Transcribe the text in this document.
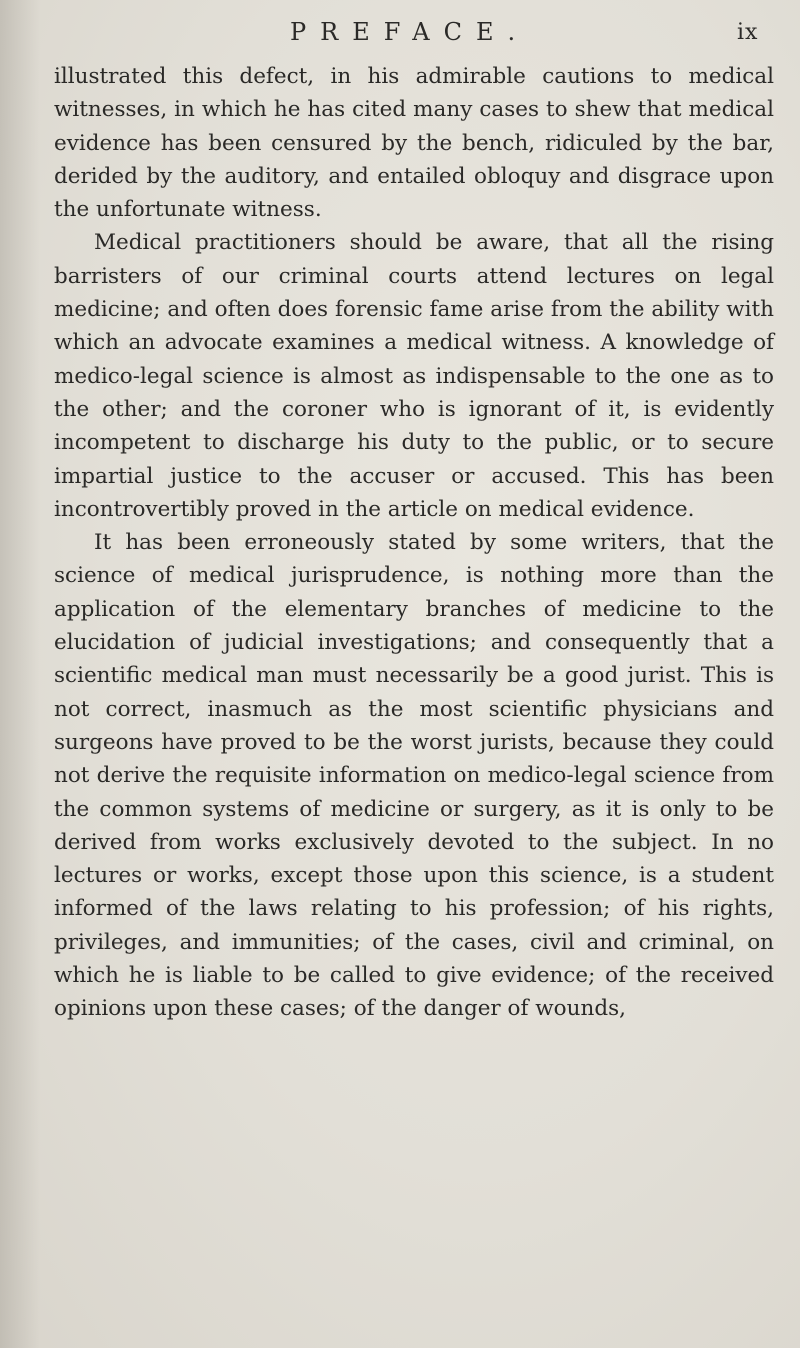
PREFACE.	ix

illustrated this defect, in his admirable cautions to medical witnesses, in which he has cited many cases to shew that medical evidence has been censured by the bench, ridiculed by the bar, derided by the auditory, and entailed obloquy and disgrace upon the unfortunate witness.

Medical practitioners should be aware, that all the rising barristers of our criminal courts attend lectures on legal medicine; and often does forensic fame arise from the ability with which an advocate examines a medical witness. A knowledge of medico-legal science is almost as indispensable to the one as to the other; and the coroner who is ignorant of it, is evidently incompetent to discharge his duty to the public, or to secure impartial justice to the accuser or accused. This has been incontrovertibly proved in the article on medical evidence.

It has been erroneously stated by some writers, that the science of medical jurisprudence, is nothing more than the application of the elementary branches of medicine to the elucidation of judicial investigations; and consequently that a scientific medical man must necessarily be a good jurist. This is not correct, inasmuch as the most scientific physicians and surgeons have proved to be the worst jurists, because they could not derive the requisite information on medico-legal science from the common systems of medicine or surgery, as it is only to be derived from works exclusively devoted to the subject. In no lectures or works, except those upon this science, is a student informed of the laws relating to his profession; of his rights, privileges, and immunities; of the cases, civil and criminal, on which he is liable to be called to give evidence; of the received opinions upon these cases; of the danger of wounds,
